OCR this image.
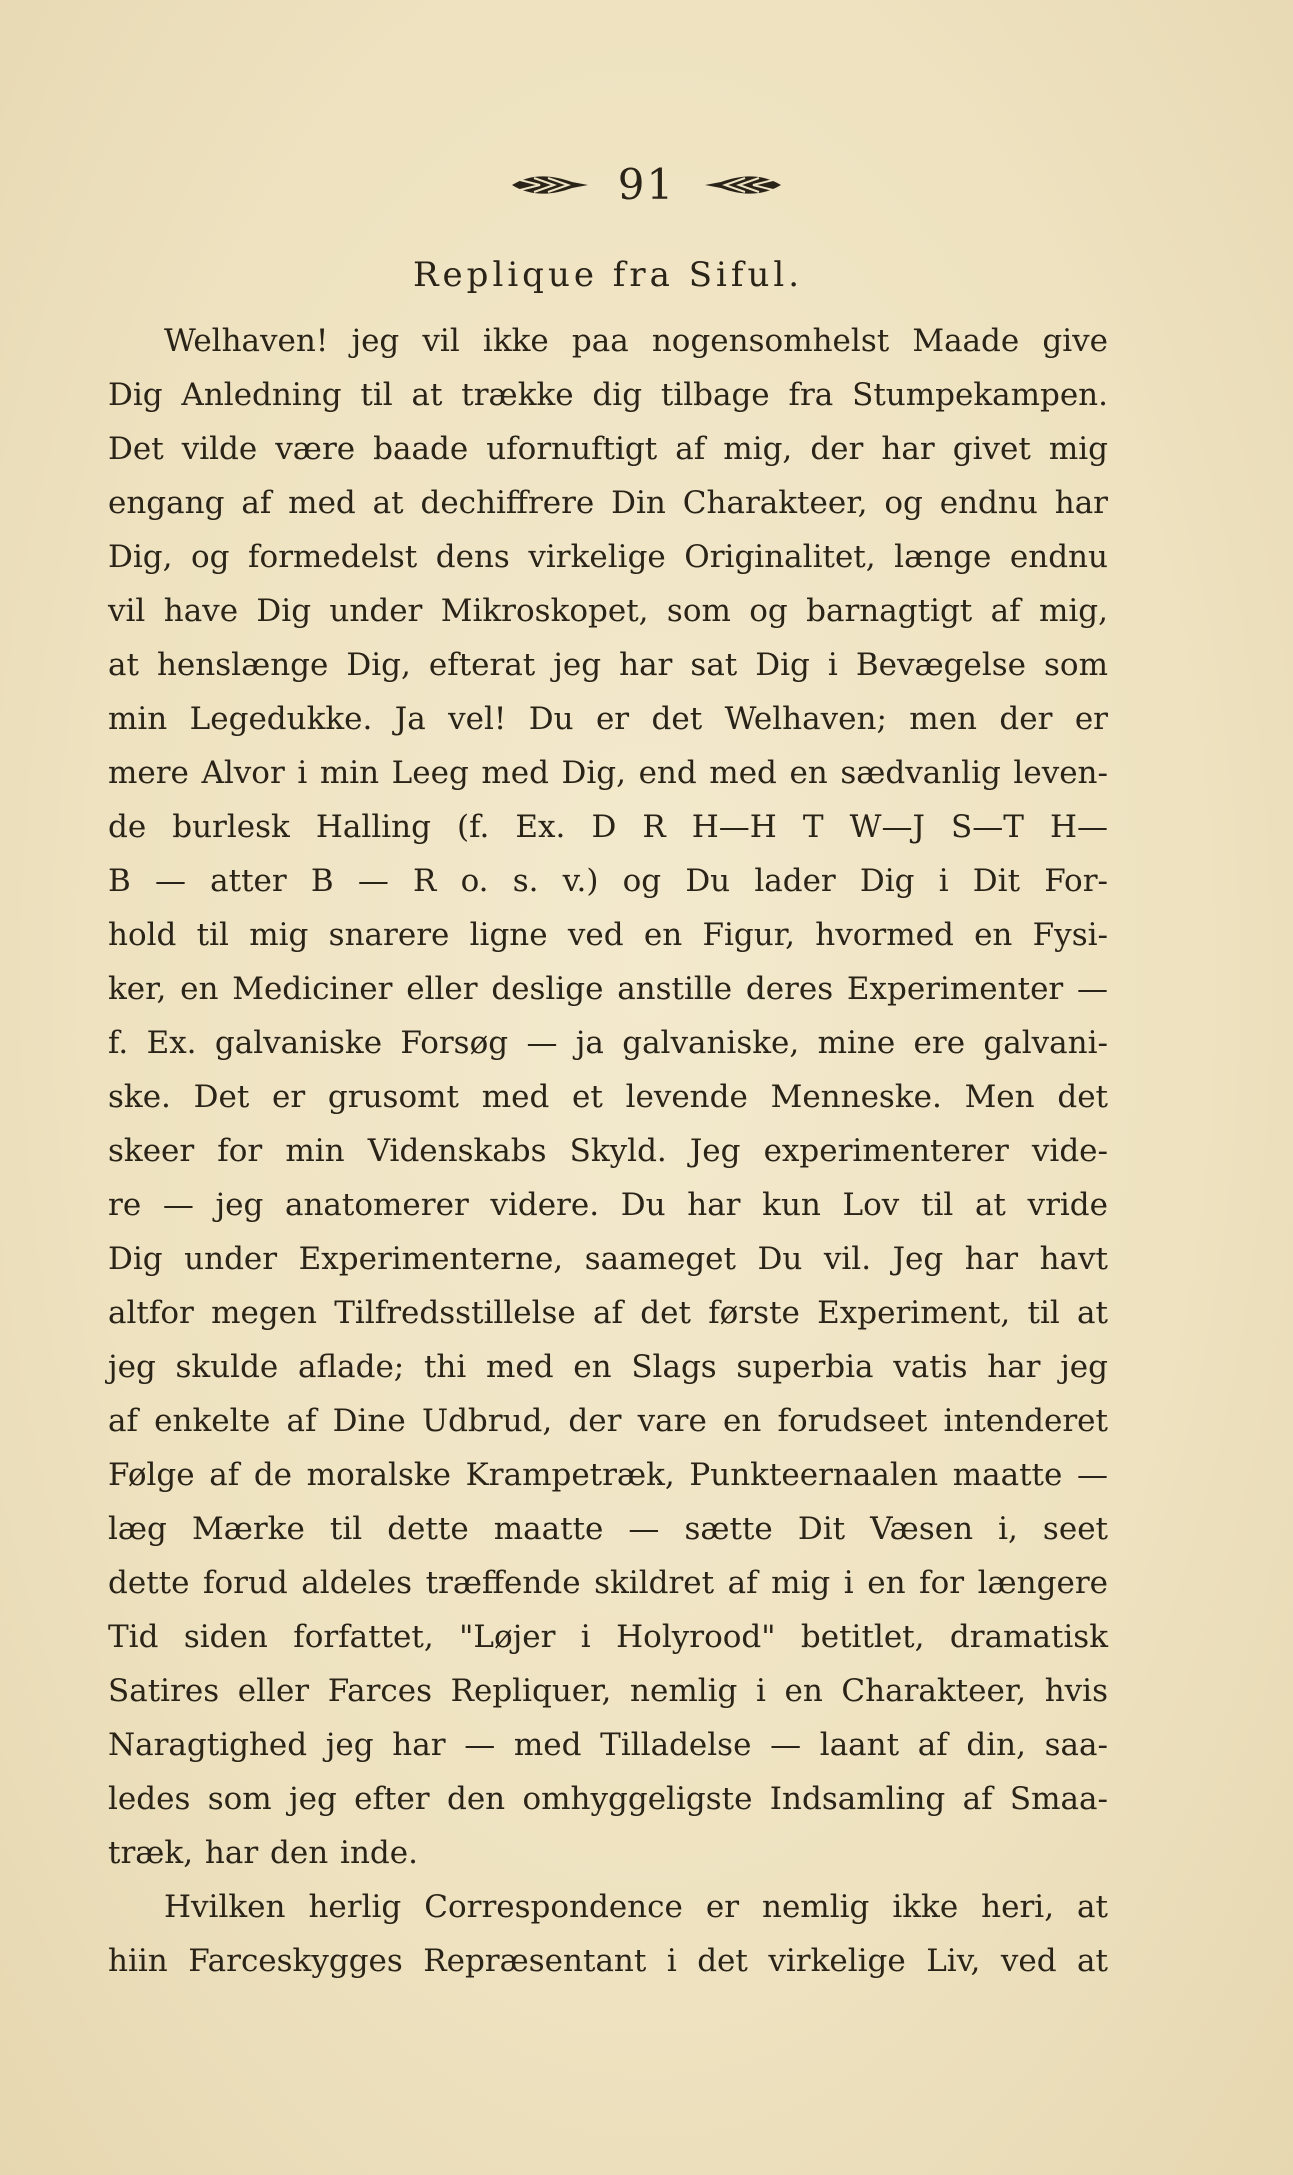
91
Replique fra Siful.
Welhaven! jeg vil ikke paa nogensomhelst Maade give
Dig Anledning til at trække dig tilbage fra Stumpekampen.
Det vilde være baade ufornuftigt af mig, der har givet mig
engang af med at dechiffrere Din Charakteer, og endnu har
Dig, og formedelst dens virkelige Originalitet, længe endnu
vil have Dig under Mikroskopet, som og barnagtigt af mig,
at henslænge Dig, efterat jeg har sat Dig i Bevægelse som
min Legedukke. Ja vel! Du er det Welhaven; men der er
mere Alvor i min Leeg med Dig, end med en sædvanlig leven-
de burlesk Halling (f. Ex. D R H—H T W—J S—T H—
B — atter B — R o. s. v.) og Du lader Dig i Dit For-
hold til mig snarere ligne ved en Figur, hvormed en Fysi-
ker, en Mediciner eller deslige anstille deres Experimenter —
f. Ex. galvaniske Forsøg — ja galvaniske, mine ere galvani-
ske. Det er grusomt med et levende Menneske. Men det
skeer for min Videnskabs Skyld. Jeg experimenterer vide-
re — jeg anatomerer videre. Du har kun Lov til at vride
Dig under Experimenterne, saameget Du vil. Jeg har havt
altfor megen Tilfredsstillelse af det første Experiment, til at
jeg skulde aflade; thi med en Slags superbia vatis har jeg
af enkelte af Dine Udbrud, der vare en forudseet intenderet
Følge af de moralske Krampetræk, Punkteernaalen maatte —
læg Mærke til dette maatte — sætte Dit Væsen i, seet
dette forud aldeles træffende skildret af mig i en for længere
Tid siden forfattet, "Løjer i Holyrood" betitlet, dramatisk
Satires eller Farces Repliquer, nemlig i en Charakteer, hvis
Naragtighed jeg har — med Tilladelse — laant af din, saa-
ledes som jeg efter den omhyggeligste Indsamling af Smaa-
træk, har den inde.
Hvilken herlig Correspondence er nemlig ikke heri, at
hiin Farceskygges Repræsentant i det virkelige Liv, ved at
